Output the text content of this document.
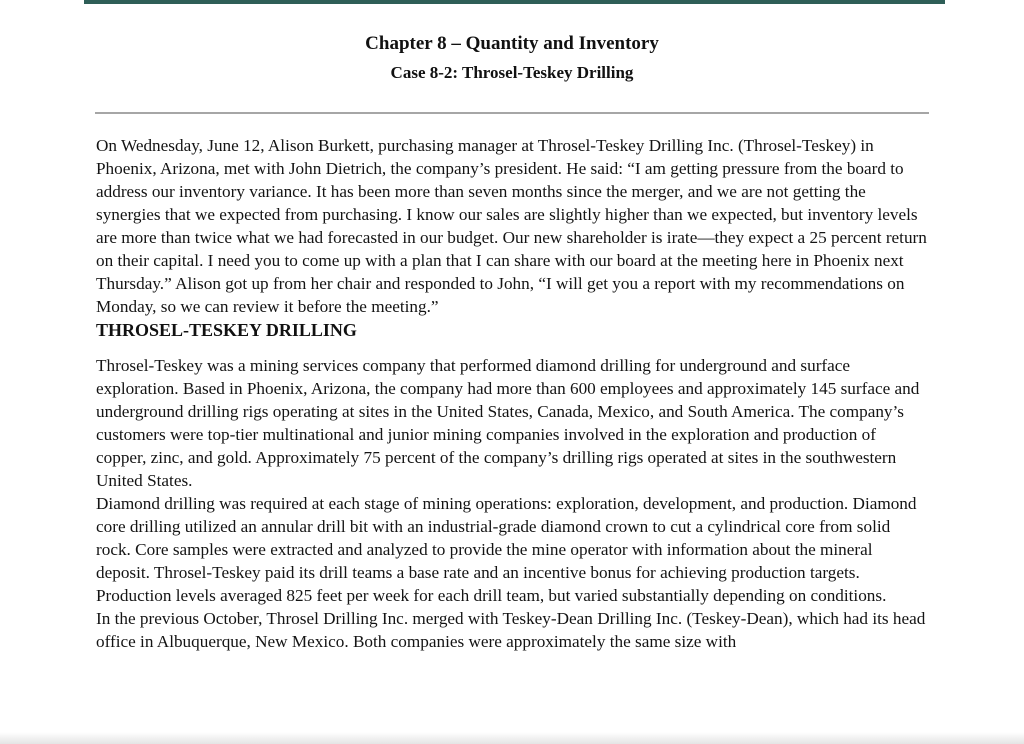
Chapter 8 – Quantity and Inventory
Case 8-2: Throsel-Teskey Drilling

On Wednesday, June 12, Alison Burkett, purchasing manager at Throsel-Teskey Drilling Inc. (Throsel-Teskey) in Phoenix, Arizona, met with John Dietrich, the company’s president. He said: “I am getting pressure from the board to address our inventory variance. It has been more than seven months since the merger, and we are not getting the synergies that we expected from purchasing. I know our sales are slightly higher than we expected, but inventory levels are more than twice what we had forecasted in our budget. Our new shareholder is irate—they expect a 25 percent return on their capital. I need you to come up with a plan that I can share with our board at the meeting here in Phoenix next Thursday.” Alison got up from her chair and responded to John, “I will get you a report with my recommendations on Monday, so we can review it before the meeting.”

THROSEL-TESKEY DRILLING

Throsel-Teskey was a mining services company that performed diamond drilling for underground and surface exploration. Based in Phoenix, Arizona, the company had more than 600 employees and approximately 145 surface and underground drilling rigs operating at sites in the United States, Canada, Mexico, and South America. The company’s customers were top-tier multinational and junior mining companies involved in the exploration and production of copper, zinc, and gold. Approximately 75 percent of the company’s drilling rigs operated at sites in the southwestern United States.

Diamond drilling was required at each stage of mining operations: exploration, development, and production. Diamond core drilling utilized an annular drill bit with an industrial-grade diamond crown to cut a cylindrical core from solid rock. Core samples were extracted and analyzed to provide the mine operator with information about the mineral deposit. Throsel-Teskey paid its drill teams a base rate and an incentive bonus for achieving production targets. Production levels averaged 825 feet per week for each drill team, but varied substantially depending on conditions.

In the previous October, Throsel Drilling Inc. merged with Teskey-Dean Drilling Inc. (Teskey-Dean), which had its head office in Albuquerque, New Mexico. Both companies were approximately the same size with
